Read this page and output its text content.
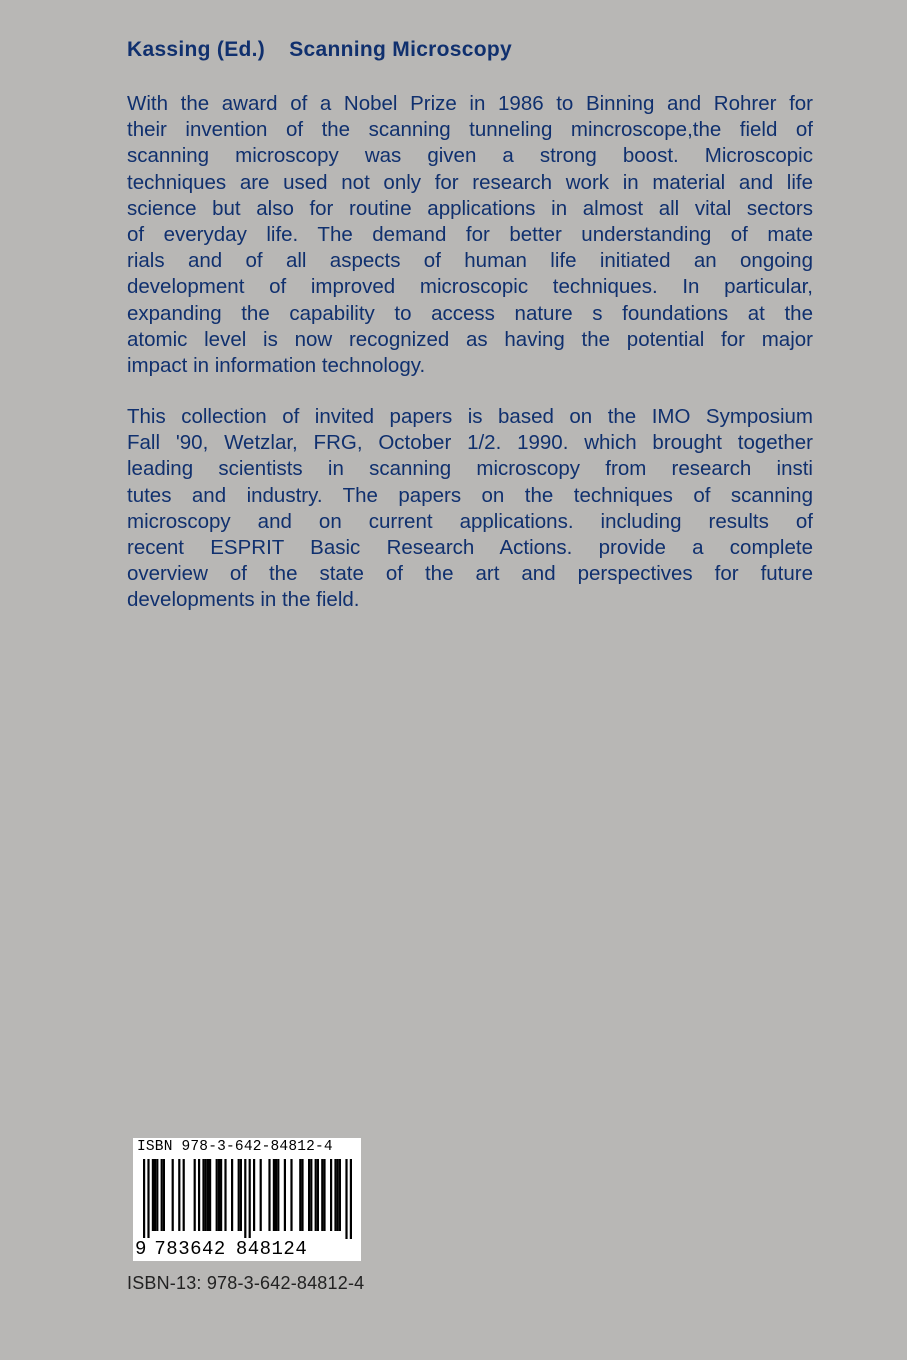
Kassing (Ed.) Scanning Microscopy
With the award of a Nobel Prize in 1986 to Binning and Rohrer for
their invention of the scanning tunneling mincroscope,the field of
scanning microscopy was given a strong boost. Microscopic
techniques are used not only for research work in material and life
science but also for routine applications in almost all vital sectors
of everyday life. The demand for better understanding of mate
rials and of all aspects of human life initiated an ongoing
development of improved microscopic techniques. In particular,
expanding the capability to access nature s foundations at the
atomic level is now recognized as having the potential for major
impact in information technology.
This collection of invited papers is based on the IMO Symposium
Fall '90, Wetzlar, FRG, October 1/2. 1990. which brought together
leading scientists in scanning microscopy from research insti
tutes and industry. The papers on the techniques of scanning
microscopy and on current applications. including results of
recent ESPRIT Basic Research Actions. provide a complete
overview of the state of the art and perspectives for future
developments in the field.
ISBN 978-3-642-84812-4
9 783642 848124
ISBN-13: 978-3-642-84812-4
